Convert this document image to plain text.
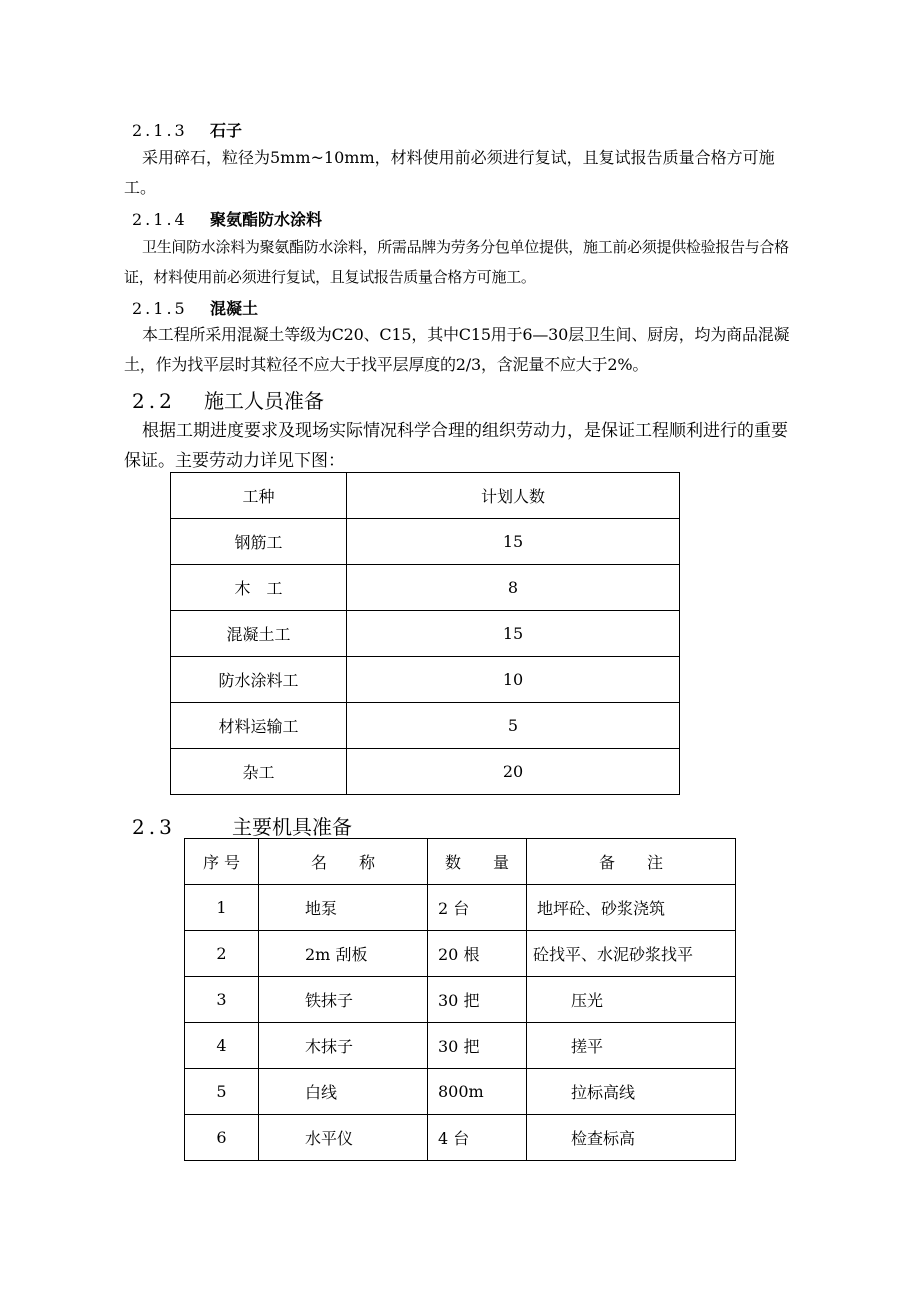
2.1.3 石子
采用碎石，粒径为5mm~10mm，材料使用前必须进行复试，且复试报告质量合格方可施工。
2.1.4 聚氨酯防水涂料
卫生间防水涂料为聚氨酯防水涂料，所需品牌为劳务分包单位提供，施工前必须提供检验报告与合格证，材料使用前必须进行复试，且复试报告质量合格方可施工。
2.1.5 混凝土
本工程所采用混凝土等级为C20、C15，其中C15用于6—30层卫生间、厨房，均为商品混凝土，作为找平层时其粒径不应大于找平层厚度的2/3，含泥量不应大于2%。
2.2 施工人员准备
根据工期进度要求及现场实际情况科学合理的组织劳动力，是保证工程顺利进行的重要保证。主要劳动力详见下图：
工种	计划人数
钢筋工	15
木　工	8
混凝土工	15
防水涂料工	10
材料运输工	5
杂工	20
2.3	主要机具准备
序 号	名　　称	数　　量	备　　注
1	地泵	2 台	地坪砼、砂浆浇筑
2	2m 刮板	20 根	砼找平、水泥砂浆找平
3	铁抹子	30 把	压光
4	木抹子	30 把	搓平
5	白线	800m	拉标高线
6	水平仪	4 台	检查标高
